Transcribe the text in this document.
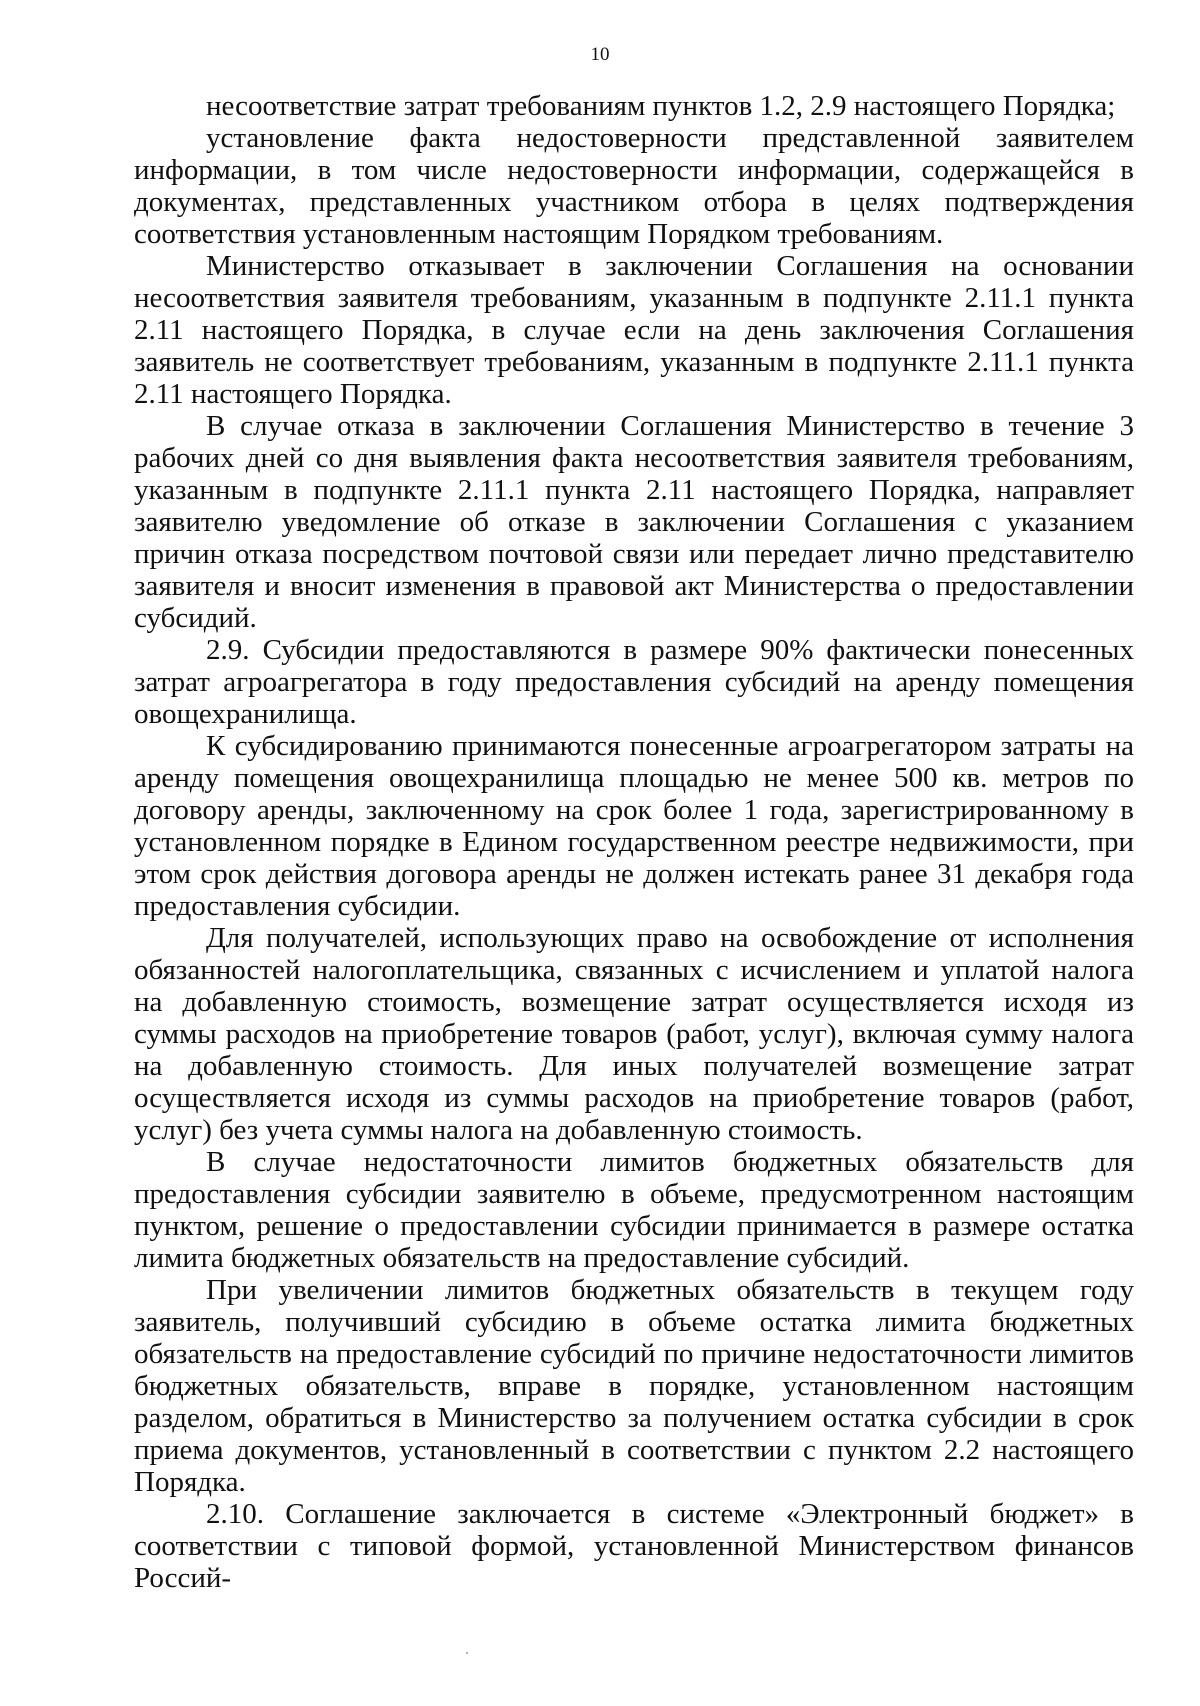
10

несоответствие затрат требованиям пунктов 1.2, 2.9 настоящего Порядка;

установление факта недостоверности представленной заявителем информации, в том числе недостоверности информации, содержащейся в документах, представленных участником отбора в целях подтверждения соответствия установленным настоящим Порядком требованиям.

Министерство отказывает в заключении Соглашения на основании несоответствия заявителя требованиям, указанным в подпункте 2.11.1 пункта 2.11 настоящего Порядка, в случае если на день заключения Соглашения заявитель не соответствует требованиям, указанным в подпункте 2.11.1 пункта 2.11 настоящего Порядка.

В случае отказа в заключении Соглашения Министерство в течение 3 рабочих дней со дня выявления факта несоответствия заявителя требованиям, указанным в подпункте 2.11.1 пункта 2.11 настоящего Порядка, направляет заявителю уведомление об отказе в заключении Соглашения с указанием причин отказа посредством почтовой связи или передает лично представителю заявителя и вносит изменения в правовой акт Министерства о предоставлении субсидий.

2.9. Субсидии предоставляются в размере 90% фактически понесенных затрат агроагрегатора в году предоставления субсидий на аренду помещения овощехранилища.

К субсидированию принимаются понесенные агроагрегатором затраты на аренду помещения овощехранилища площадью не менее 500 кв. метров по договору аренды, заключенному на срок более 1 года, зарегистрированному в установленном порядке в Едином государственном реестре недвижимости, при этом срок действия договора аренды не должен истекать ранее 31 декабря года предоставления субсидии.

Для получателей, использующих право на освобождение от исполнения обязанностей налогоплательщика, связанных с исчислением и уплатой налога на добавленную стоимость, возмещение затрат осуществляется исходя из суммы расходов на приобретение товаров (работ, услуг), включая сумму налога на добавленную стоимость. Для иных получателей возмещение затрат осуществляется исходя из суммы расходов на приобретение товаров (работ, услуг) без учета суммы налога на добавленную стоимость.

В случае недостаточности лимитов бюджетных обязательств для предоставления субсидии заявителю в объеме, предусмотренном настоящим пунктом, решение о предоставлении субсидии принимается в размере остатка лимита бюджетных обязательств на предоставление субсидий.

При увеличении лимитов бюджетных обязательств в текущем году заявитель, получивший субсидию в объеме остатка лимита бюджетных обязательств на предоставление субсидий по причине недостаточности лимитов бюджетных обязательств, вправе в порядке, установленном настоящим разделом, обратиться в Министерство за получением остатка субсидии в срок приема документов, установленный в соответствии с пунктом 2.2 настоящего Порядка.

2.10. Соглашение заключается в системе «Электронный бюджет» в соответствии с типовой формой, установленной Министерством финансов Россий-
